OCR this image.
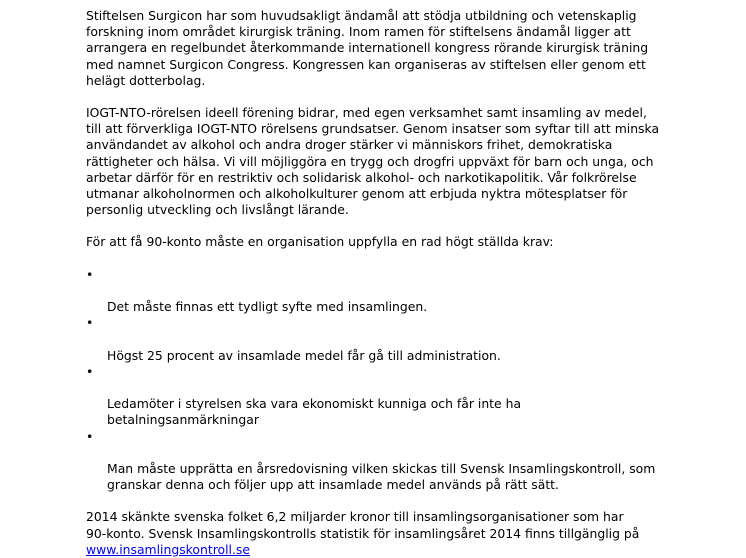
Stiftelsen Surgicon har som huvudsakligt ändamål att stödja utbildning och vetenskaplig
forskning inom området kirurgisk träning. Inom ramen för stiftelsens ändamål ligger att
arrangera en regelbundet återkommande internationell kongress rörande kirurgisk träning
med namnet Surgicon Congress. Kongressen kan organiseras av stiftelsen eller genom ett
helägt dotterbolag.

IOGT-NTO-rörelsen ideell förening bidrar, med egen verksamhet samt insamling av medel,
till att förverkliga IOGT-NTO rörelsens grundsatser. Genom insatser som syftar till att minska
användandet av alkohol och andra droger stärker vi människors frihet, demokratiska
rättigheter och hälsa. Vi vill möjliggöra en trygg och drogfri uppväxt för barn och unga, och
arbetar därför för en restriktiv och solidarisk alkohol- och narkotikapolitik. Vår folkrörelse
utmanar alkoholnormen och alkoholkulturer genom att erbjuda nyktra mötesplatser för
personlig utveckling och livslångt lärande.

För att få 90-konto måste en organisation uppfylla en rad högt ställda krav:

•

Det måste finnas ett tydligt syfte med insamlingen.

•

Högst 25 procent av insamlade medel får gå till administration.

•

Ledamöter i styrelsen ska vara ekonomiskt kunniga och får inte ha
betalningsanmärkningar

•

Man måste upprätta en årsredovisning vilken skickas till Svensk Insamlingskontroll, som
granskar denna och följer upp att insamlade medel används på rätt sätt.

2014 skänkte svenska folket 6,2 miljarder kronor till insamlingsorganisationer som har
90-konto. Svensk Insamlingskontrolls statistik för insamlingsåret 2014 finns tillgänglig på

www.insamlingskontroll.se
